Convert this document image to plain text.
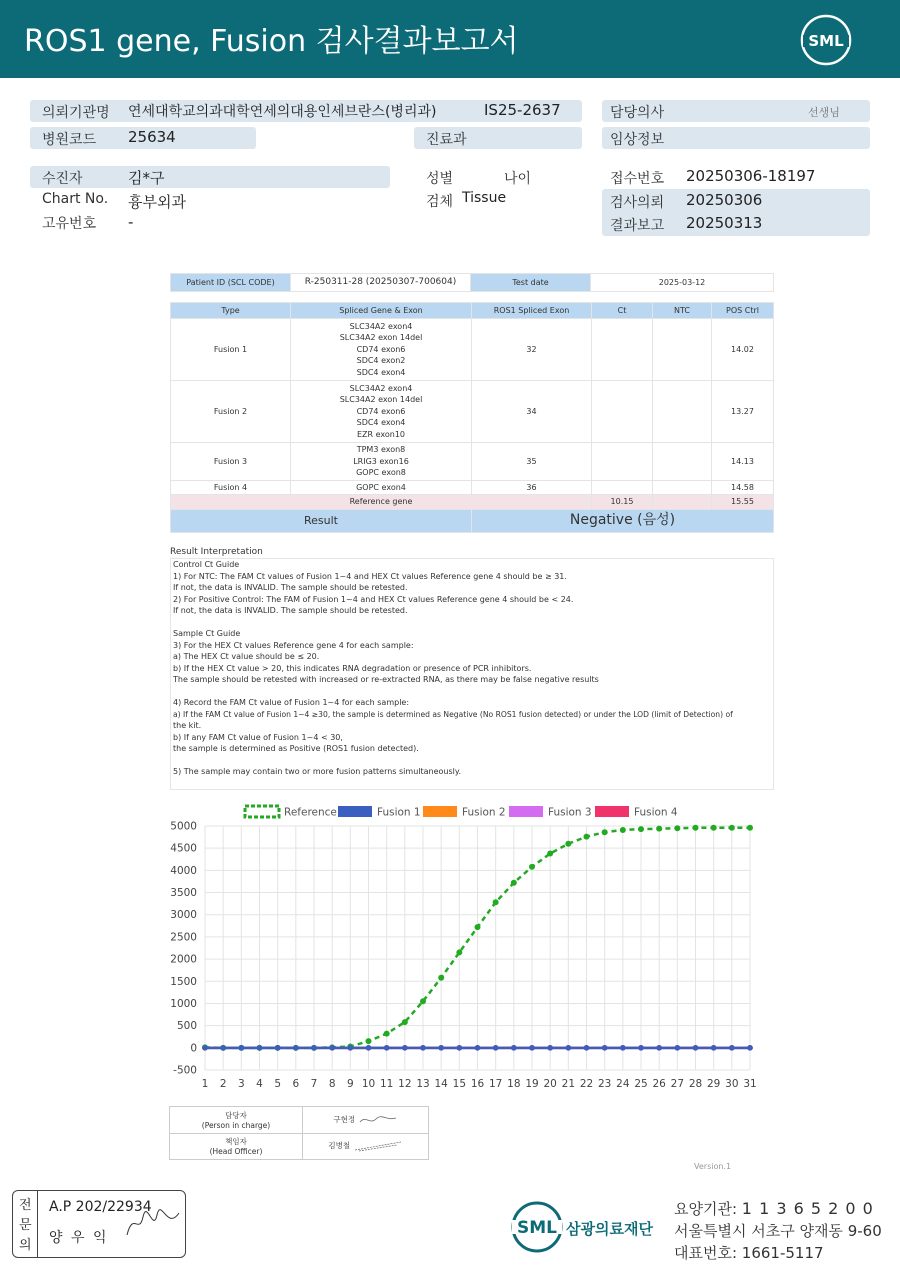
ROS1 gene, Fusion 검사결과보고서	SML
의뢰기관명 연세대학교의과대학연세의대용인세브란스(병리과)	IS25-2637	담당의사	선생님
병원코드 25634	진료과	임상정보
수진자	김*구	성별	나이
Chart No. 흉부외과	검체 Tissue
고유번호 -
접수번호 20250306-18197
검사의뢰 20250306
결과보고 20250313
Patient ID (SCL CODE)	R-250311-28 (20250307-700604)	Test date	2025-03-12
Type	Spliced Gene & Exon	ROS1 Spliced Exon	Ct	NTC	POS Ctrl
Fusion 1	SLC34A2 exon4
SLC34A2 exon 14del
CD74 exon6
SDC4 exon2
SDC4 exon4	32			14.02
Fusion 2	SLC34A2 exon4
SLC34A2 exon 14del
CD74 exon6
SDC4 exon4
EZR exon10	34			13.27
Fusion 3	TPM3 exon8
LRIG3 exon16
GOPC exon8	35			14.13
Fusion 4	GOPC exon4	36			14.58
Reference gene			10.15		15.55
Result		Negative (음성)			
Result Interpretation
Control Ct Guide
1) For NTC: The FAM Ct values of Fusion 1~4 and HEX Ct values Reference gene 4 should be ≥ 31.
If not, the data is INVALID. The sample should be retested.
2) For Positive Control: The FAM of Fusion 1~4 and HEX Ct values Reference gene 4 should be < 24.
If not, the data is INVALID. The sample should be retested.
Sample Ct Guide
3) For the HEX Ct values Reference gene 4 for each sample:
a) The HEX Ct value should be ≤ 20.
b) If the HEX Ct value > 20, this indicates RNA degradation or presence of PCR inhibitors.
The sample should be retested with increased or re-extracted RNA, as there may be false negative results
4) Record the FAM Ct value of Fusion 1~4 for each sample:
a) If the FAM Ct value of Fusion 1~4 ≥30, the sample is determined as Negative (No ROS1 fusion detected) or under the LOD (limit of Detection) of
the kit.
b) If any FAM Ct value of Fusion 1~4 < 30,
the sample is determined as Positive (ROS1 fusion detected).
5) The sample may contain two or more fusion patterns simultaneously.
-500
0
500
1000
1500
2000
2500
3000
3500
4000
4500
5000
1 2 3 4 5 6 7 8 9 10 11 12 13 14 15 16 17 18 19 20 21 22 23 24 25 26 27 28 29 30 31
Reference	Fusion 1	Fusion 2	Fusion 3	Fusion 4
담당자
(Person in charge)	구현정

책임자
(Head Officer)	김병철
Version.1
전
문
의
A.P 202/22934
양 우 익	SML 삼광의료재단
요양기관: 1 1 3 6 5 2 0 0
서울특별시 서초구 양재동 9-60
대표번호: 1661-5117
